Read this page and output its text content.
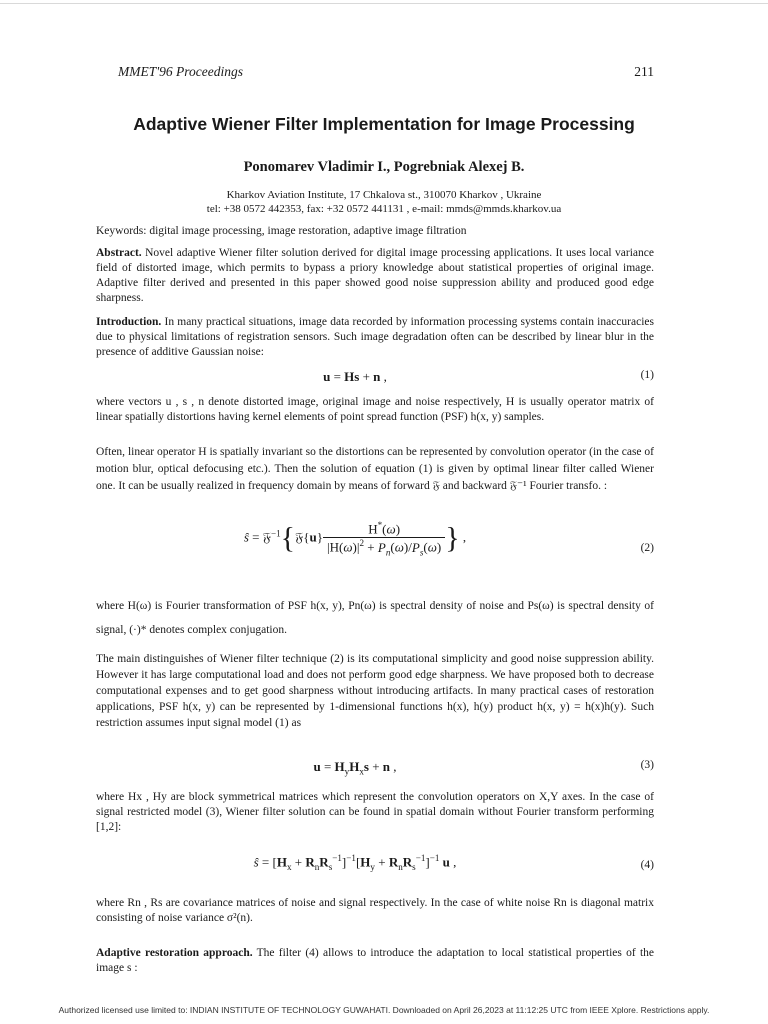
MMET'96 Proceedings	211
Adaptive Wiener Filter Implementation for Image Processing
Ponomarev Vladimir I., Pogrebniak Alexej B.
Kharkov Aviation Institute, 17 Chkalova st., 310070 Kharkov , Ukraine
tel: +38 0572 442353, fax: +32 0572 441131 , e-mail: mmds@mmds.kharkov.ua
Keywords: digital image processing, image restoration, adaptive image filtration
Abstract. Novel adaptive Wiener filter solution derived for digital image processing applications. It uses local variance field of distorted image, which permits to bypass a priory knowledge about statistical properties of original image. Adaptive filter derived and presented in this paper showed good noise suppression ability and produced good edge sharpness.
Introduction. In many practical situations, image data recorded by information processing systems contain inaccuracies due to physical limitations of registration sensors. Such image degradation often can be described by linear blur in the presence of additive Gaussian noise:
u = Hs + n ,	(1)
where vectors u , s , n denote distorted image, original image and noise respectively, H is usually operator matrix of linear spatially distortions having kernel elements of point spread function (PSF) h(x, y) samples.
Often, linear operator H is spatially invariant so the distortions can be represented by convolution operator (in the case of motion blur, optical defocusing etc.). Then the solution of equation (1) is given by optimal linear filter called Wiener one. It can be usually realized in frequency domain by means of forward 𝔉 and backward 𝔉⁻¹ Fourier transfo. :
ŝ = 𝔉$^{-1}${𝔉{u} $\frac{H^*(\omega)}{|H(\omega)|^2 + P_n(\omega)/P_s(\omega)}$ } ,
(2)
where H(ω) is Fourier transformation of PSF h(x, y), Pn(ω) is spectral density of noise and Ps(ω) is spectral density of signal, (·)* denotes complex conjugation.
The main distinguishes of Wiener filter technique (2) is its computational simplicity and good noise suppression ability. However it has large computational load and does not perform good edge sharpness. We have proposed both to decrease computational expenses and to get good sharpness without introducing artifacts. In many practical cases of restoration applications, PSF h(x, y) can be represented by 1-dimensional functions h(x), h(y) product h(x, y) = h(x)h(y). Such restriction assumes input signal model (1) as
$u = H_yH_xs + n$ ,	(3)
where Hx , Hy are block symmetrical matrices which represent the convolution operators on X,Y axes. In the case of signal restricted model (3), Wiener filter solution can be found in spatial domain without Fourier transform performing [1,2]:
ŝ = $[H_x + R_nR_s^{-1}]^{-1}[H_y + R_nR_s^{-1}]^{-1}$ u ,	(4)
where Rn , Rs are covariance matrices of noise and signal respectively. In the case of white noise Rn is diagonal matrix consisting of noise variance σ²(n).
Adaptive restoration approach. The filter (4) allows to introduce the adaptation to local statistical properties of the image s :
Authorized licensed use limited to: INDIAN INSTITUTE OF TECHNOLOGY GUWAHATI. Downloaded on April 26,2023 at 11:12:25 UTC from IEEE Xplore. Restrictions apply.
